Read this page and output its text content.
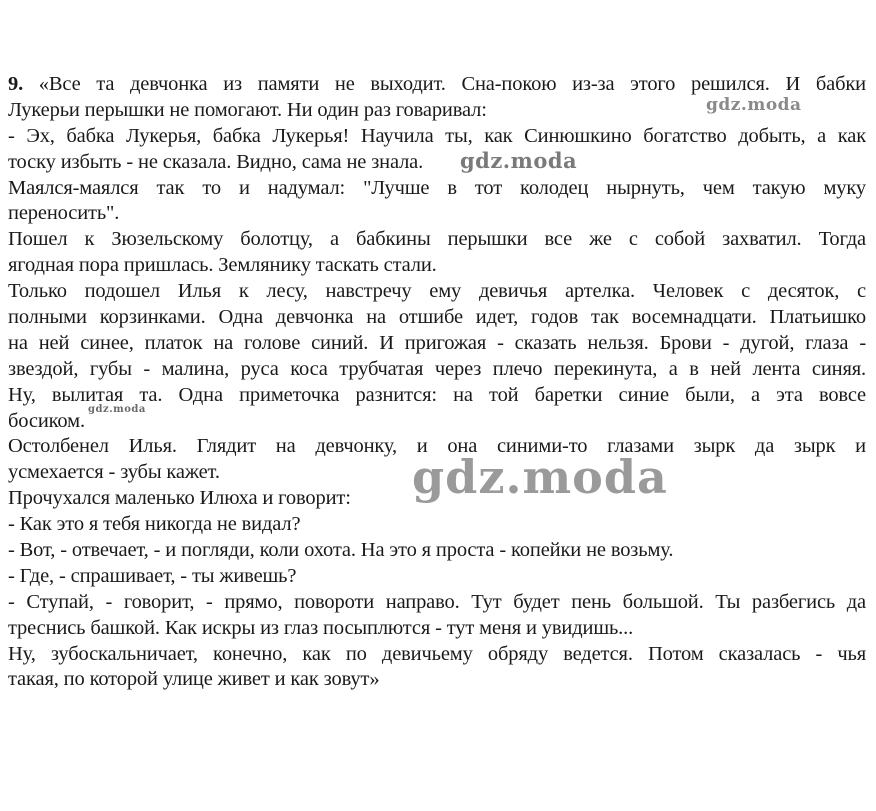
9. «Все та девчонка из памяти не выходит. Сна-покою из-за этого решился. И бабки
Лукерьи перышки не помогают. Ни один раз говаривал:
- Эх, бабка Лукерья, бабка Лукерья! Научила ты, как Синюшкино богатство добыть, а как
тоску избыть - не сказала. Видно, сама не знала.
Маялся-маялся так то и надумал: "Лучше в тот колодец нырнуть, чем такую муку
переносить".
Пошел к Зюзельскому болотцу, а бабкины перышки все же с собой захватил. Тогда
ягодная пора пришлась. Землянику таскать стали.
Только подошел Илья к лесу, навстречу ему девичья артелка. Человек с десяток, с
полными корзинками. Одна девчонка на отшибе идет, годов так восемнадцати. Платьишко
на ней синее, платок на голове синий. И пригожая - сказать нельзя. Брови - дугой, глаза -
звездой, губы - малина, руса коса трубчатая через плечо перекинута, а в ней лента синяя.
Ну, вылитая та. Одна приметочка разнится: на той баретки синие были, а эта вовсе
босиком.
Остолбенел Илья. Глядит на девчонку, и она синими-то глазами зырк да зырк и
усмехается - зубы кажет.
Прочухался маленько Илюха и говорит:
- Как это я тебя никогда не видал?
- Вот, - отвечает, - и погляди, коли охота. На это я проста - копейки не возьму.
- Где, - спрашивает, - ты живешь?
- Ступай, - говорит, - прямо, повороти направо. Тут будет пень большой. Ты разбегись да
треснись башкой. Как искры из глаз посыплются - тут меня и увидишь...
Ну, зубоскальничает, конечно, как по девичьему обряду ведется. Потом сказалась - чья
такая, по которой улице живет и как зовут»
gdz.moda
gdz.moda
gdz.moda
gdz.moda
